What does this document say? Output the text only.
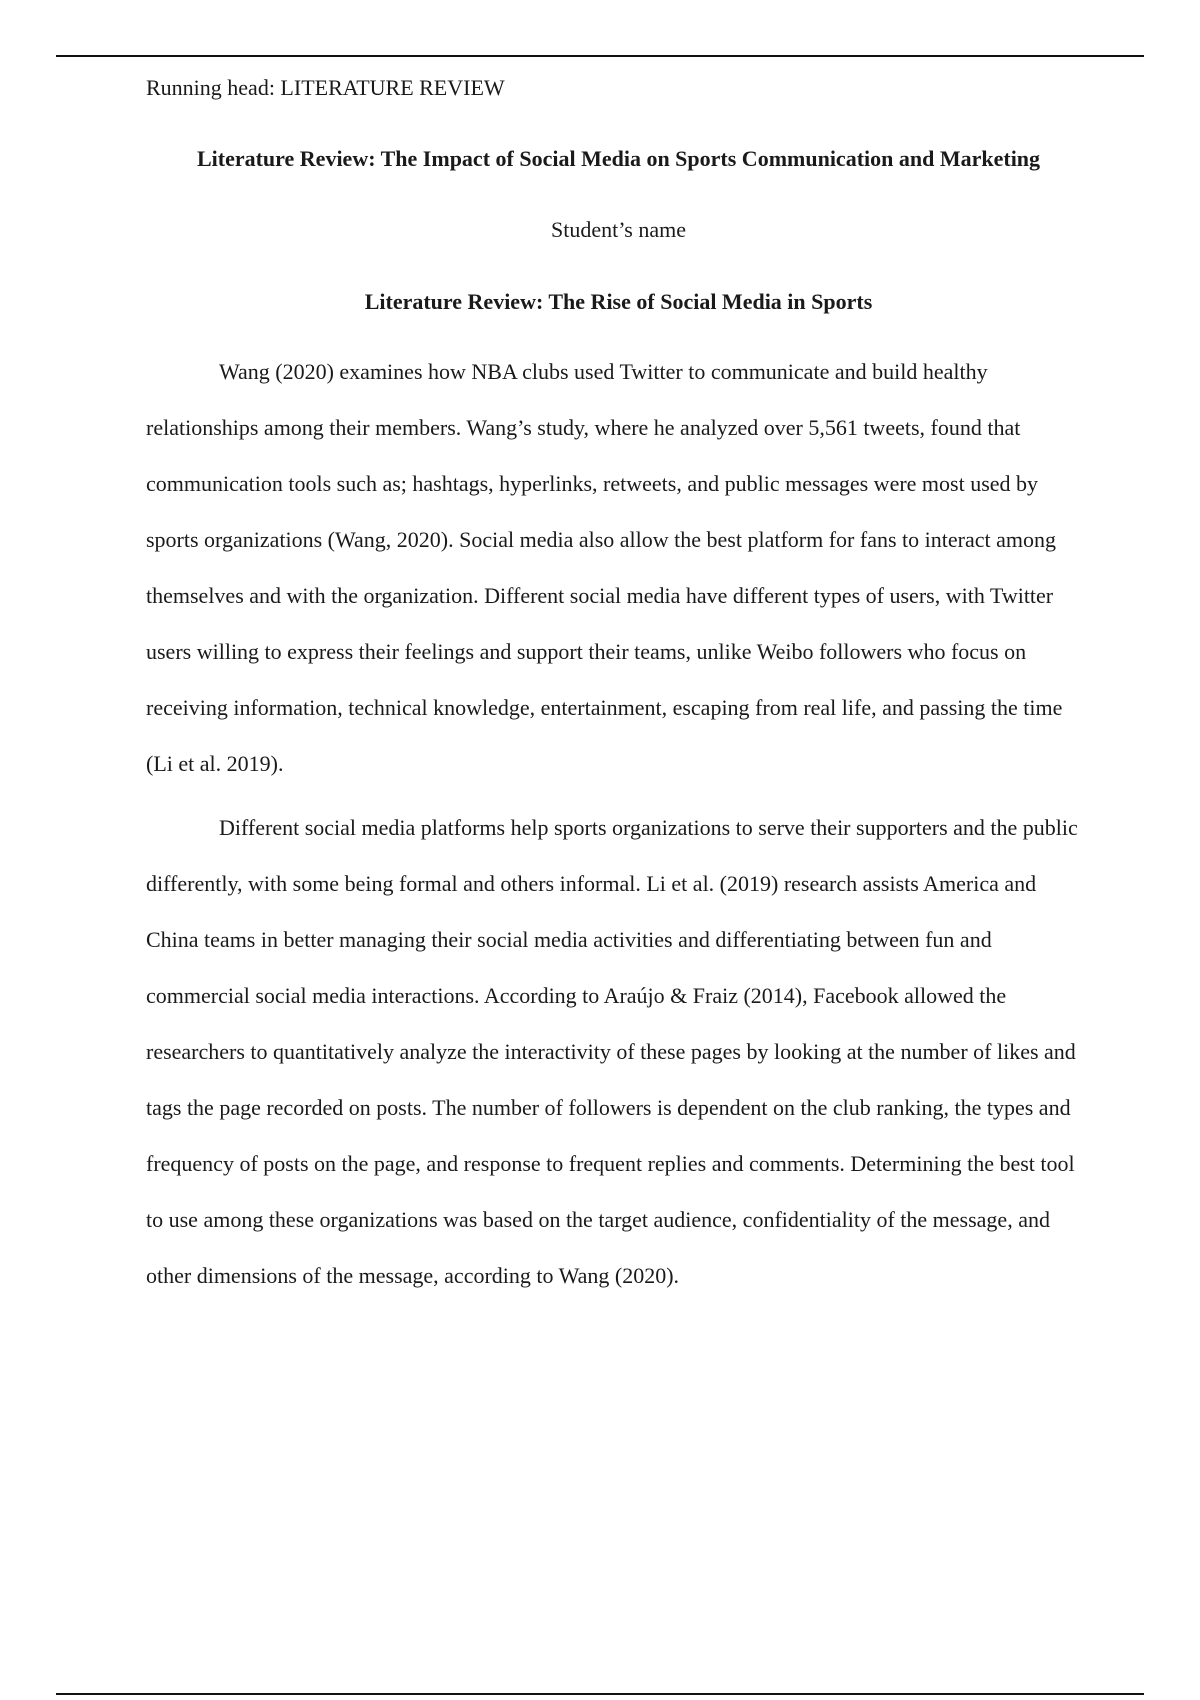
Running head: LITERATURE REVIEW

Literature Review: The Impact of Social Media on Sports Communication and Marketing

Student’s name

Literature Review: The Rise of Social Media in Sports

Wang (2020) examines how NBA clubs used Twitter to communicate and build healthy relationships among their members. Wang’s study, where he analyzed over 5,561 tweets, found that communication tools such as; hashtags, hyperlinks, retweets, and public messages were most used by sports organizations (Wang, 2020). Social media also allow the best platform for fans to interact among themselves and with the organization. Different social media have different types of users, with Twitter users willing to express their feelings and support their teams, unlike Weibo followers who focus on receiving information, technical knowledge, entertainment, escaping from real life, and passing the time (Li et al. 2019).

Different social media platforms help sports organizations to serve their supporters and the public differently, with some being formal and others informal. Li et al. (2019) research assists America and China teams in better managing their social media activities and differentiating between fun and commercial social media interactions. According to Araújo & Fraiz (2014), Facebook allowed the researchers to quantitatively analyze the interactivity of these pages by looking at the number of likes and tags the page recorded on posts. The number of followers is dependent on the club ranking, the types and frequency of posts on the page, and response to frequent replies and comments. Determining the best tool to use among these organizations was based on the target audience, confidentiality of the message, and other dimensions of the message, according to Wang (2020).
